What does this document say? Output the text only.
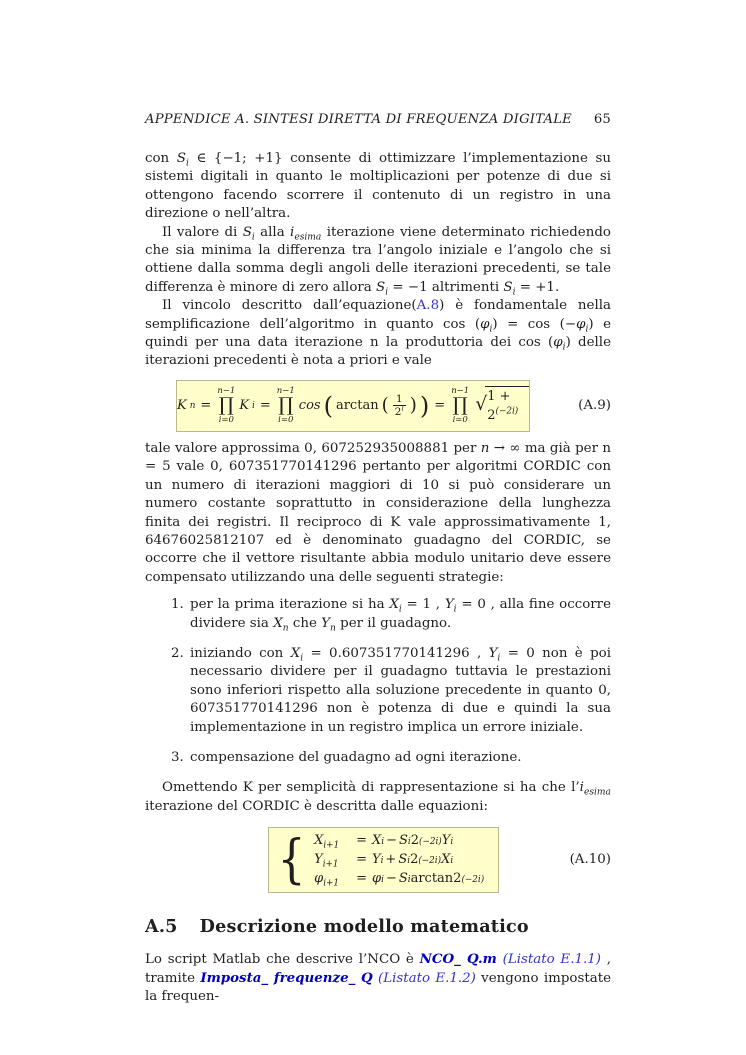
APPENDICE A. SINTESI DIRETTA DI FREQUENZA DIGITALE 65

con $S_i$ ∈ {−1; +1} consente di ottimizzare l’implementazione su sistemi digitali in quanto le moltiplicazioni per potenze di due si ottengono facendo scorrere il contenuto di un registro in una direzione o nell’altra.

Il valore di $S_i$ alla $i_{esima}$ iterazione viene determinato richiedendo che sia minima la differenza tra l’angolo iniziale e l’angolo che si ottiene dalla somma degli angoli delle iterazioni precedenti, se tale differenza è minore di zero allora $S_i = -1$ altrimenti $S_i = +1$.

Il vincolo descritto dall’equazione(A.8) è fondamentale nella semplificazione dell’algoritmo in quanto $\cos (\varphi_i) = \cos (-\varphi_i)$ e quindi per una data iterazione n la produttoria dei $\cos (\varphi_i)$ delle iterazioni precedenti è nota a priori e vale

K n =
n−1
∏
i=0
K i =
n−1
∏
i=0
cos ( arctan ( $\frac{1}{2^i}$ ) ) =
n−1
∏
i=0
√ $1 + 2^{(-2i)}$	(A.9)

tale valore approssima 0, 607252935008881 per n → ∞ ma già per n = 5 vale 0, 607351770141296 pertanto per algoritmi CORDIC con un numero di iterazioni maggiori di 10 si può considerare un numero costante soprattutto in considerazione della lunghezza finita dei registri. Il reciproco di K vale approssimativamente 1, 64676025812107 ed è denominato guadagno del CORDIC, se occorre che il vettore risultante abbia modulo unitario deve essere compensato utilizzando una delle seguenti strategie:

1. per la prima iterazione si ha $X_i = 1$ , $Y_i = 0$ , alla fine occorre dividere sia $X_n$ che $Y_n$ per il guadagno.
2. iniziando con $X_i = 0.607351770141296$ , $Y_i = 0$ non è poi necessario dividere per il guadagno tuttavia le prestazioni sono inferiori rispetto alla soluzione precedente in quanto 0, 607351770141296 non è potenza di due e quindi la sua implementazione in un registro implica un errore iniziale.
3. compensazione del guadagno ad ogni iterazione.

Omettendo K per semplicità di rappresentazione si ha che $l’i_{esima}$ iterazione del CORDIC è descritta dalle equazioni:

{ $X_{i+1}$	= X i − S i 2 (−2i) Y i
$Y_{i+1}$	= Y i + S i 2 (−2i) X i
$\varphi_{i+1}$	= φ i − S i arctan 2 (−2i)
(A.10)
A.5 Descrizione modello matematico

Lo script Matlab che descrive l’NCO è NCO_ Q.m (Listato E.1.1) , tramite Imposta_ frequenze_ Q (Listato E.1.2) vengono impostate la frequen-
